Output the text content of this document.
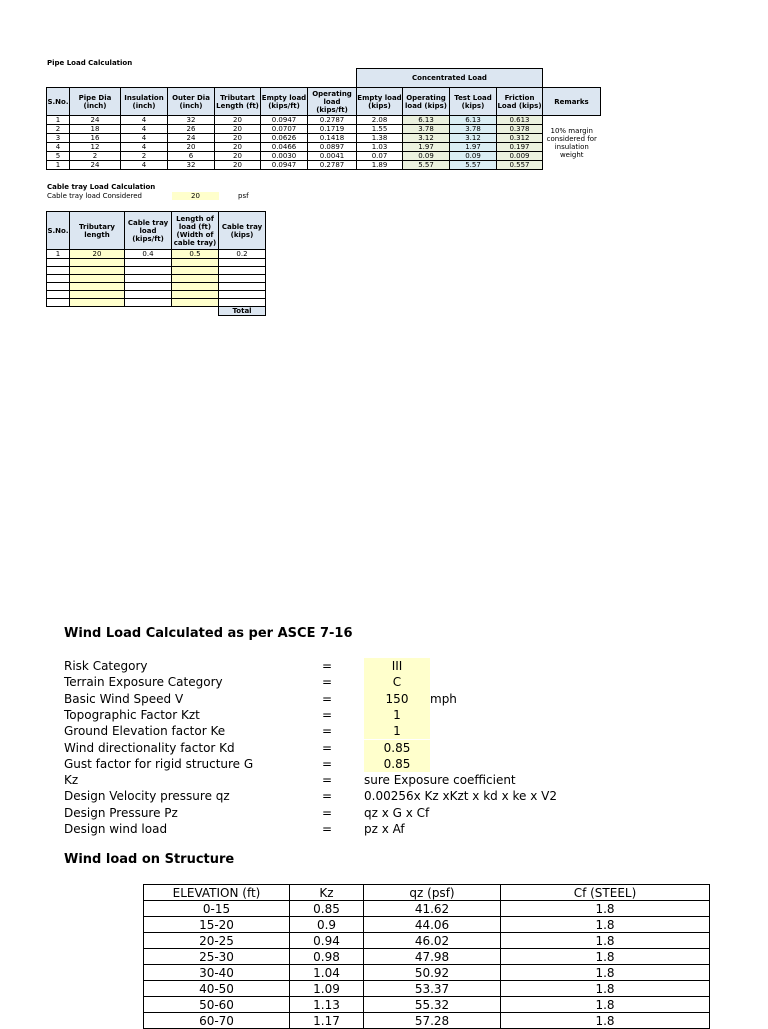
Pipe Load Calculation
							Concentrated Load				
S.No.	Pipe Dia (inch)	Insulation (inch)	Outer Dia (inch)	Tributart Length (ft)	Empty load (kips/ft)	Operating load (kips/ft)	Empty load (kips)	Operating load (kips)	Test Load (kips)	Friction Load (kips)	Remarks
1	24	4	32	20	0.0947	0.2787	2.08	6.13	6.13	0.613	10% margin considered for insulation weight
2	18	4	26	20	0.0707	0.1719	1.55	3.78	3.78	0.378	
3	16	4	24	20	0.0626	0.1418	1.38	3.12	3.12	0.312	
4	12	4	20	20	0.0466	0.0897	1.03	1.97	1.97	0.197	
5	2	2	6	20	0.0030	0.0041	0.07	0.09	0.09	0.009	
1	24	4	32	20	0.0947	0.2787	1.89	5.57	5.57	0.557	
Cable tray Load Calculation
Cable tray load Considered	20	psf
S.No.	Tributary length	Cable tray load (kips/ft)	Length of load (ft) (Width of cable tray)	Cable tray (kips)
1	20	0.4	0.5	0.2

				Total
Wind Load Calculated as per ASCE 7-16
Risk Category	=	III
Terrain Exposure Category	=	C
Basic Wind Speed V	=	150	mph
Topographic Factor Kzt	=	1
Ground Elevation factor Ke	=	1
Wind directionality factor Kd	=	0.85
Gust factor for rigid structure G	=	0.85
Kz	=	sure Exposure coefficient
Design Velocity pressure qz	=	0.00256x Kz xKzt x kd x ke x V2
Design Pressure Pz	=	qz x G x Cf
Design wind load	=	pz x Af
Wind load on Structure
ELEVATION (ft)	Kz	qz (psf)	Cf (STEEL)
0-15	0.85	41.62	1.8
15-20	0.9	44.06	1.8
20-25	0.94	46.02	1.8
25-30	0.98	47.98	1.8
30-40	1.04	50.92	1.8
40-50	1.09	53.37	1.8
50-60	1.13	55.32	1.8
60-70	1.17	57.28	1.8
